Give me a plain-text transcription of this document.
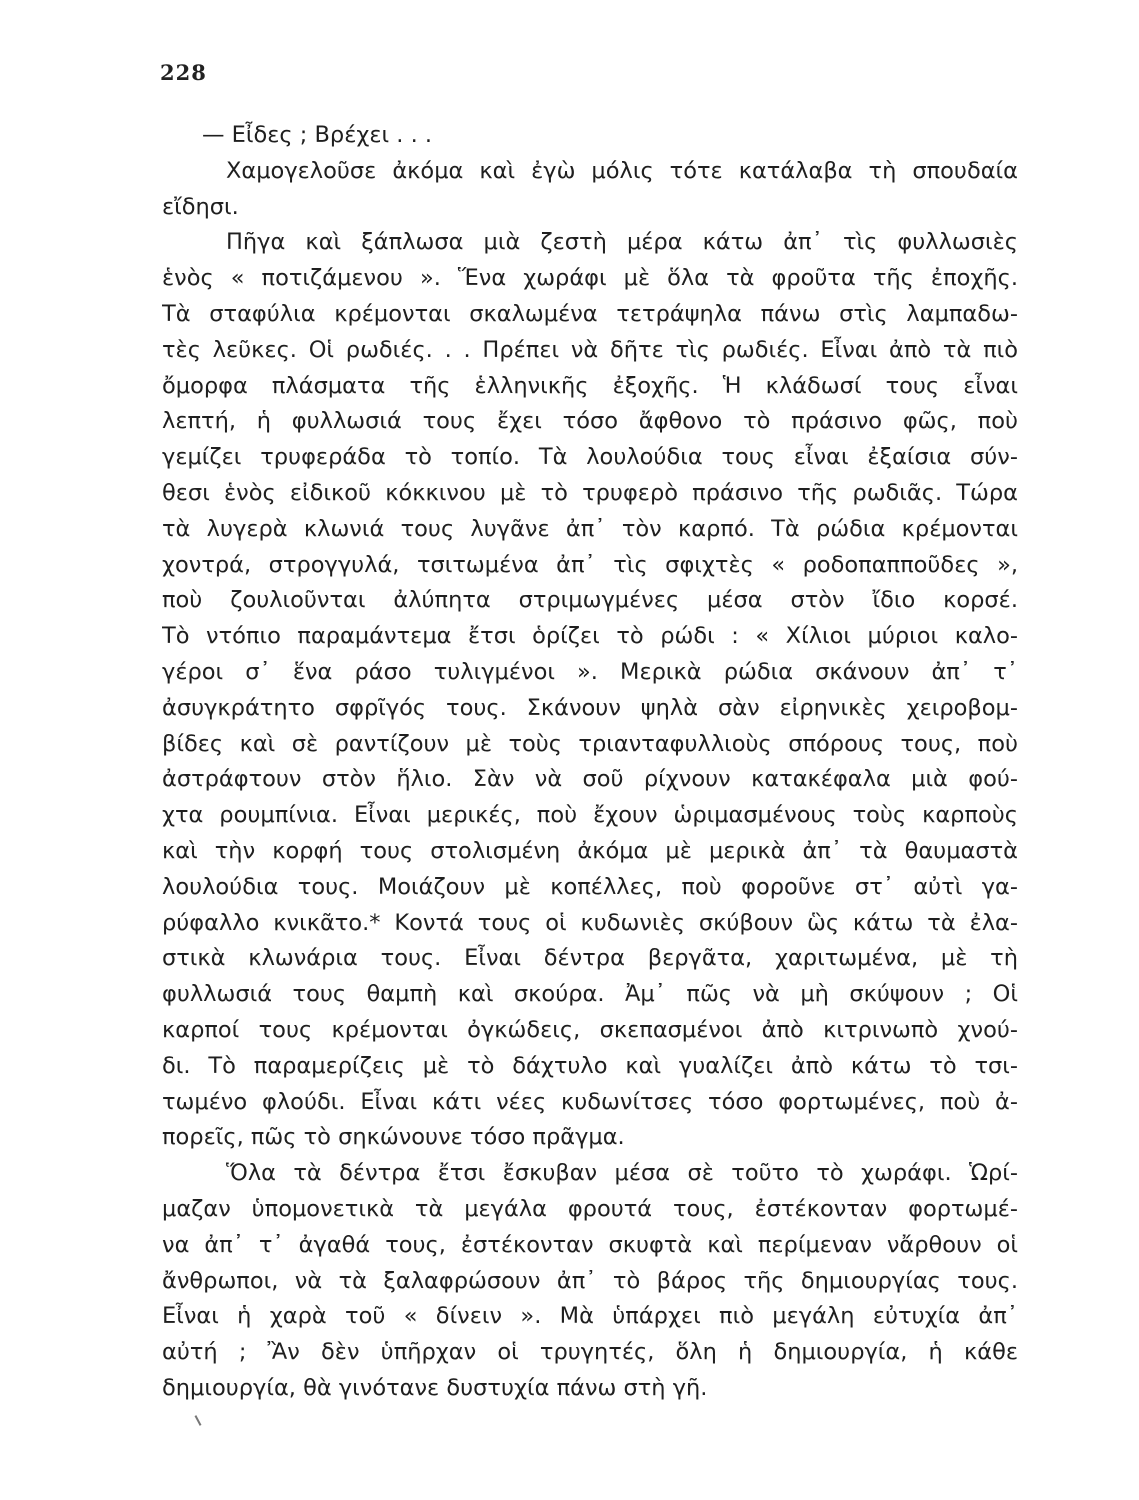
228
— Εἶδες ; Βρέχει . . .
Χαμογελοῦσε ἀκόμα καὶ ἐγὼ μόλις τότε κατάλαβα τὴ σπουδαία
εἴδησι.
Πῆγα καὶ ξάπλωσα μιὰ ζεστὴ μέρα κάτω ἀπ᾽ τὶς φυλλωσιὲς
ἑνὸς « ποτιζάμενου ». Ἕνα χωράφι μὲ ὅλα τὰ φροῦτα τῆς ἐποχῆς.
Τὰ σταφύλια κρέμονται σκαλωμένα τετράψηλα πάνω στὶς λαμπαδω-
τὲς λεῦκες. Οἱ ρωδιές. . . Πρέπει νὰ δῆτε τὶς ρωδιές. Εἶναι ἀπὸ τὰ πιὸ
ὄμορφα πλάσματα τῆς ἑλληνικῆς ἐξοχῆς. Ἡ κλάδωσί τους εἶναι
λεπτή, ἡ φυλλωσιά τους ἔχει τόσο ἄφθονο τὸ πράσινο φῶς, ποὺ
γεμίζει τρυφεράδα τὸ τοπίο. Τὰ λουλούδια τους εἶναι ἐξαίσια σύν-
θεσι ἑνὸς εἰδικοῦ κόκκινου μὲ τὸ τρυφερὸ πράσινο τῆς ρωδιᾶς. Τώρα
τὰ λυγερὰ κλωνιά τους λυγᾶνε ἀπ᾽ τὸν καρπό. Τὰ ρώδια κρέμονται
χοντρά, στρογγυλά, τσιτωμένα ἀπ᾽ τὶς σφιχτὲς « ροδοπαπποῦδες »,
ποὺ ζουλιοῦνται ἀλύπητα στριμωγμένες μέσα στὸν ἴδιο κορσέ.
Τὸ ντόπιο παραμάντεμα ἔτσι ὁρίζει τὸ ρώδι : « Χίλιοι μύριοι καλο-
γέροι σ᾽ ἕνα ράσο τυλιγμένοι ». Μερικὰ ρώδια σκάνουν ἀπ᾽ τ᾽
ἀσυγκράτητο σφρῖγός τους. Σκάνουν ψηλὰ σὰν εἰρηνικὲς χειροβομ-
βίδες καὶ σὲ ραντίζουν μὲ τοὺς τριανταφυλλιοὺς σπόρους τους, ποὺ
ἀστράφτουν στὸν ἥλιο. Σὰν νὰ σοῦ ρίχνουν κατακέφαλα μιὰ φού-
χτα ρουμπίνια. Εἶναι μερικές, ποὺ ἔχουν ὡριμασμένους τοὺς καρποὺς
καὶ τὴν κορφή τους στολισμένη ἀκόμα μὲ μερικὰ ἀπ᾽ τὰ θαυμαστὰ
λουλούδια τους. Μοιάζουν μὲ κοπέλλες, ποὺ φοροῦνε στ᾽ αὐτὶ γα-
ρύφαλλο κνικᾶτο.* Κοντά τους οἱ κυδωνιὲς σκύβουν ὣς κάτω τὰ ἐλα-
στικὰ κλωνάρια τους. Εἶναι δέντρα βεργᾶτα, χαριτωμένα, μὲ τὴ
φυλλωσιά τους θαμπὴ καὶ σκούρα. Ἀμ᾽ πῶς νὰ μὴ σκύψουν ; Οἱ
καρποί τους κρέμονται ὀγκώδεις, σκεπασμένοι ἀπὸ κιτρινωπὸ χνού-
δι. Τὸ παραμερίζεις μὲ τὸ δάχτυλο καὶ γυαλίζει ἀπὸ κάτω τὸ τσι-
τωμένο φλούδι. Εἶναι κάτι νέες κυδωνίτσες τόσο φορτωμένες, ποὺ ἀ-
πορεῖς, πῶς τὸ σηκώνουνε τόσο πρᾶγμα.
Ὅλα τὰ δέντρα ἔτσι ἔσκυβαν μέσα σὲ τοῦτο τὸ χωράφι. Ὡρί-
μαζαν ὑπομονετικὰ τὰ μεγάλα φρουτά τους, ἐστέκονταν φορτωμέ-
να ἀπ᾽ τ᾽ ἀγαθά τους, ἐστέκονταν σκυφτὰ καὶ περίμεναν νἄρθουν οἱ
ἄνθρωποι, νὰ τὰ ξαλαφρώσουν ἀπ᾽ τὸ βάρος τῆς δημιουργίας τους.
Εἶναι ἡ χαρὰ τοῦ « δίνειν ». Μὰ ὑπάρχει πιὸ μεγάλη εὐτυχία ἀπ᾽
αὐτή ; Ἂν δὲν ὑπῆρχαν οἱ τρυγητές, ὅλη ἡ δημιουργία, ἡ κάθε
δημιουργία, θὰ γινότανε δυστυχία πάνω στὴ γῆ.
